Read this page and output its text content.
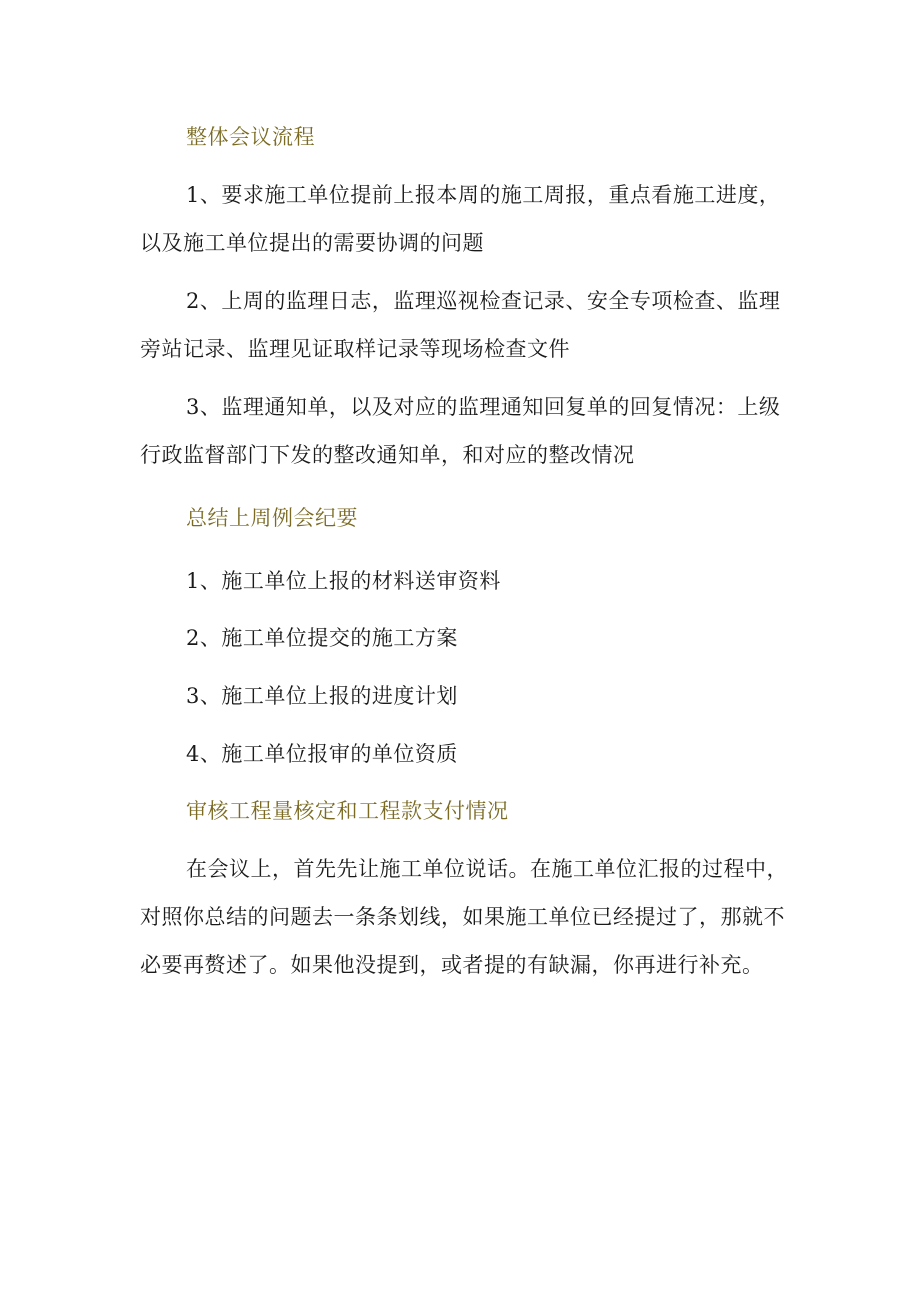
整体会议流程

1、要求施工单位提前上报本周的施工周报，重点看施工进度，
以及施工单位提出的需要协调的问题

2、上周的监理日志，监理巡视检查记录、安全专项检查、监理
旁站记录、监理见证取样记录等现场检查文件

3、监理通知单，以及对应的监理通知回复单的回复情况：上级
行政监督部门下发的整改通知单，和对应的整改情况

总结上周例会纪要

1、施工单位上报的材料送审资料

2、施工单位提交的施工方案

3、施工单位上报的进度计划

4、施工单位报审的单位资质

审核工程量核定和工程款支付情况

在会议上，首先先让施工单位说话。在施工单位汇报的过程中，
对照你总结的问题去一条条划线，如果施工单位已经提过了，那就不
必要再赘述了。如果他没提到，或者提的有缺漏，你再进行补充。
